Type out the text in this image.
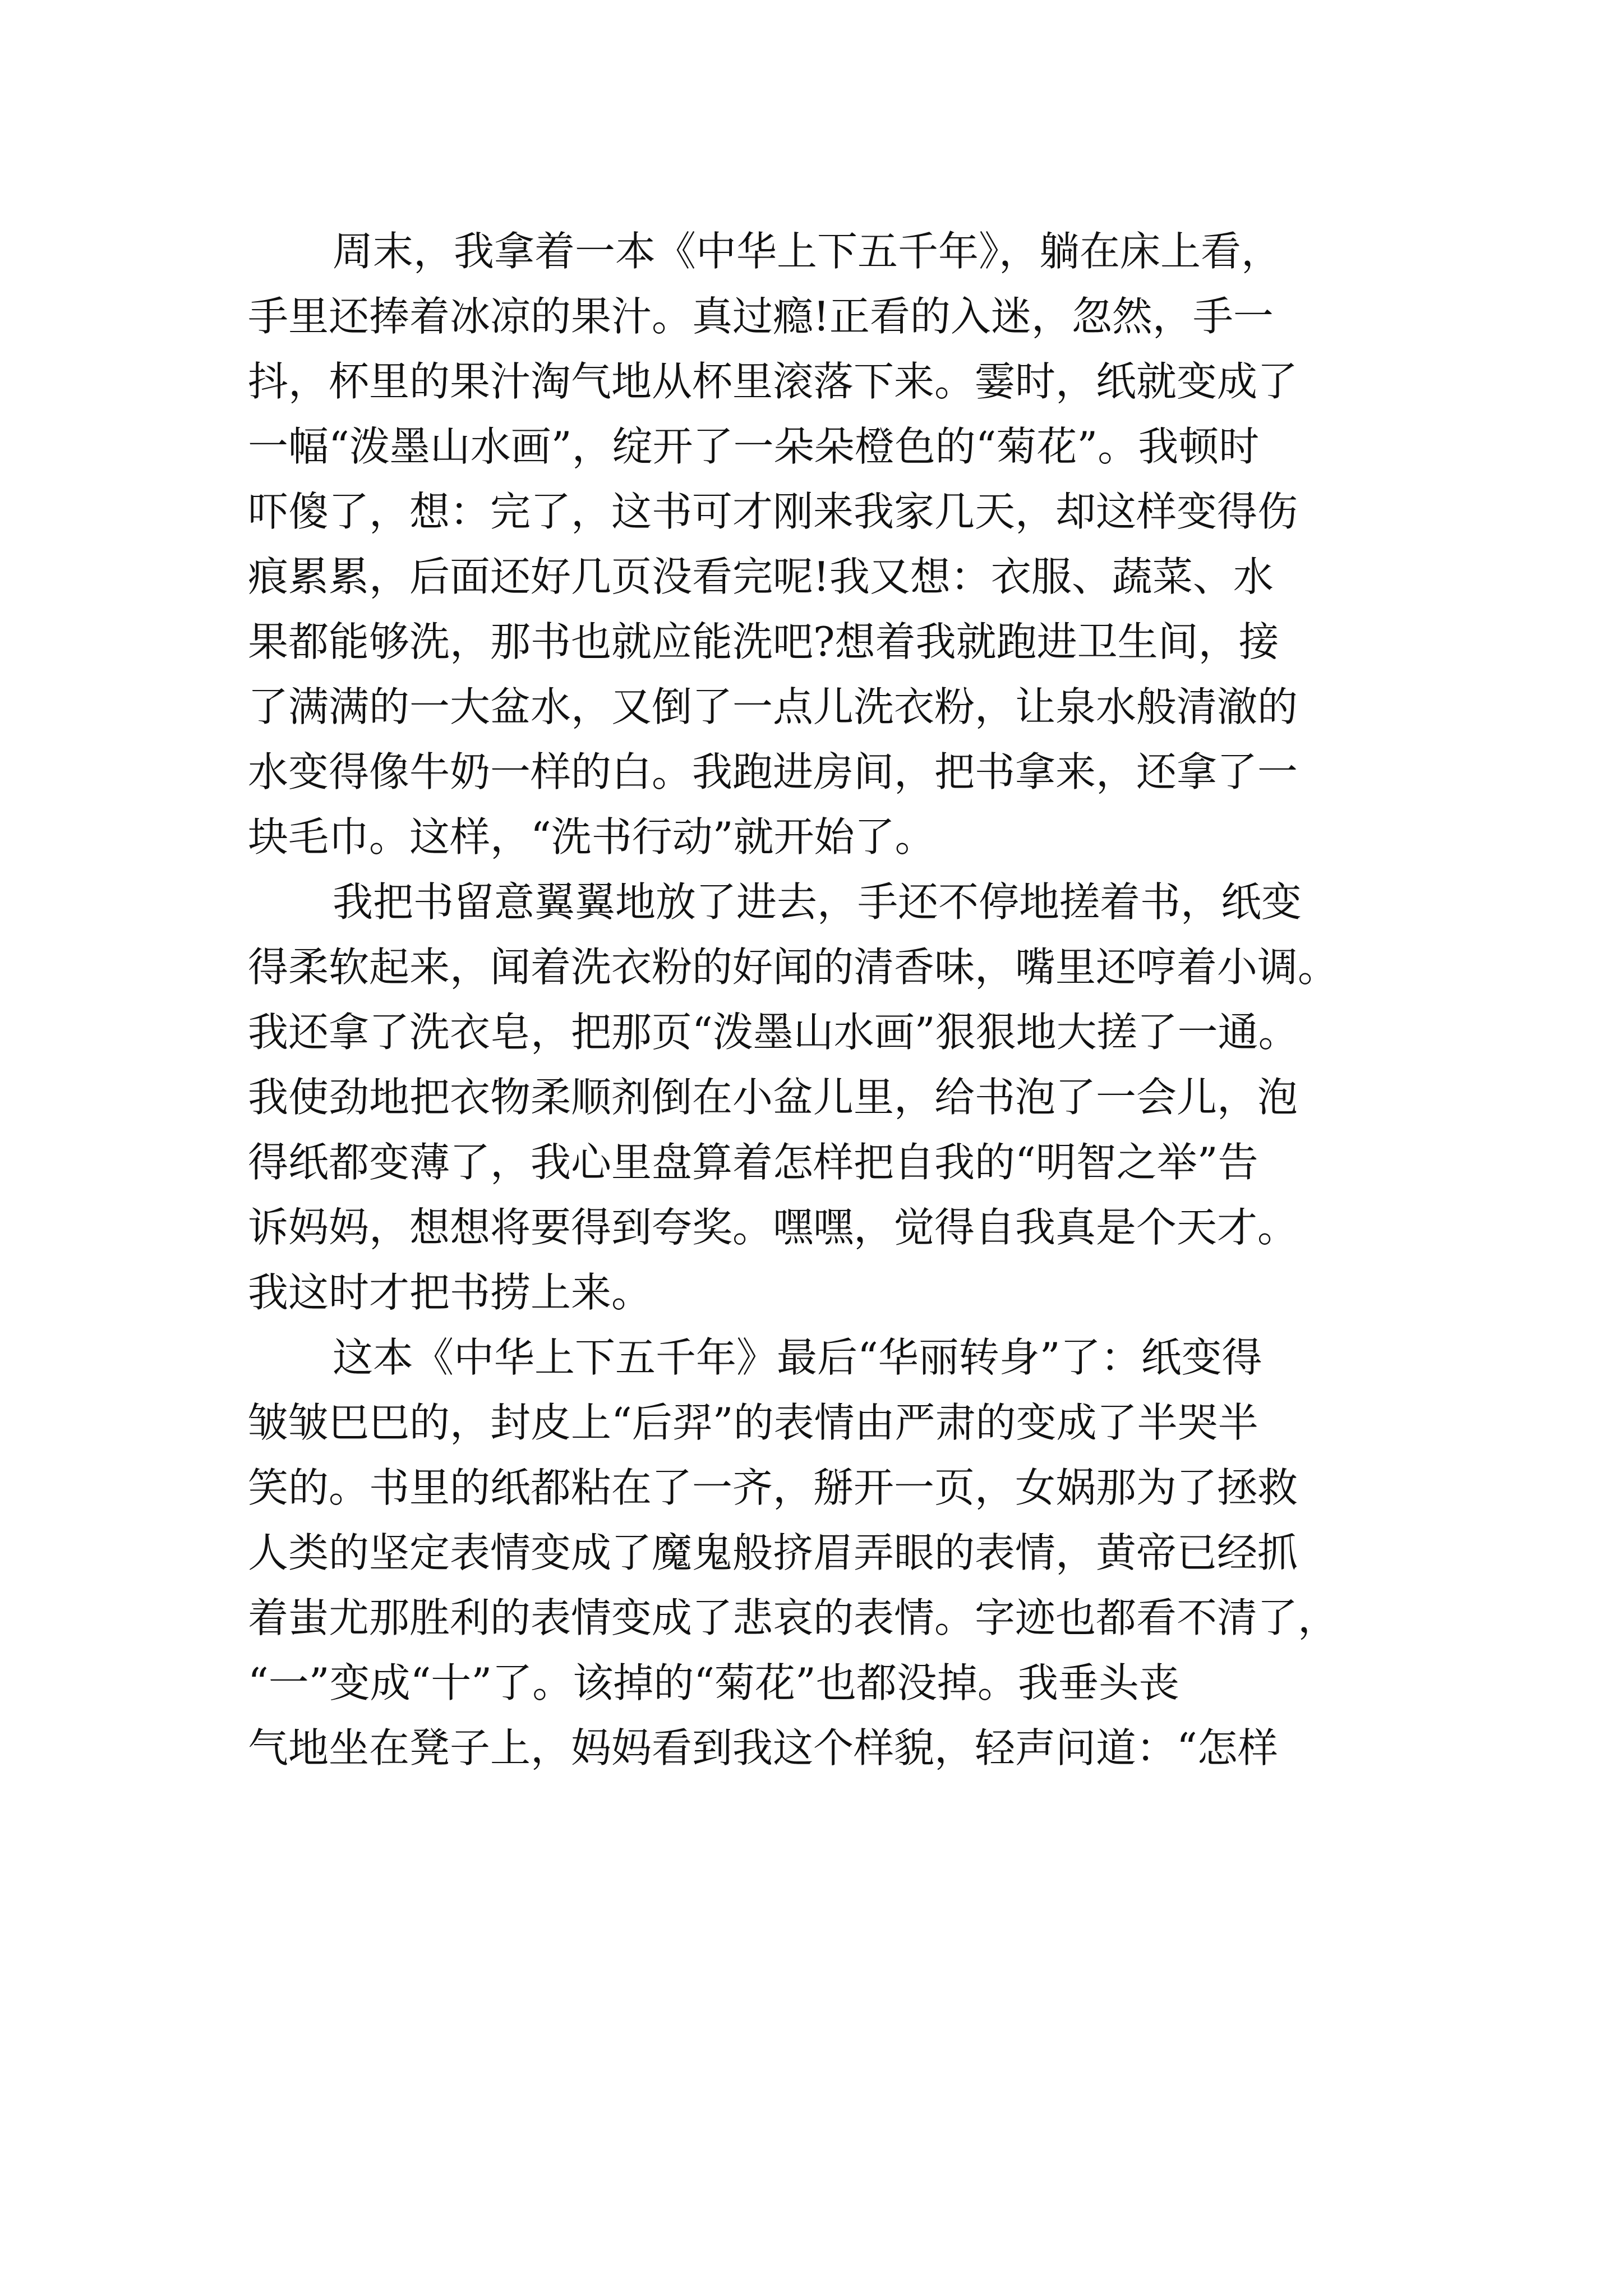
周末，我拿着一本《中华上下五千年》，躺在床上看，

手里还捧着冰凉的果汁。真过瘾!正看的入迷，忽然，手一

抖，杯里的果汁淘气地从杯里滚落下来。霎时，纸就变成了

一幅“泼墨山水画”，绽开了一朵朵橙色的“菊花”。我顿时

吓傻了，想：完了，这书可才刚来我家几天，却这样变得伤

痕累累，后面还好几页没看完呢!我又想：衣服、蔬菜、水

果都能够洗，那书也就应能洗吧?想着我就跑进卫生间，接

了满满的一大盆水，又倒了一点儿洗衣粉，让泉水般清澈的

水变得像牛奶一样的白。我跑进房间，把书拿来，还拿了一

块毛巾。这样，“洗书行动”就开始了。

我把书留意翼翼地放了进去，手还不停地搓着书，纸变

得柔软起来，闻着洗衣粉的好闻的清香味，嘴里还哼着小调。

我还拿了洗衣皂，把那页“泼墨山水画”狠狠地大搓了一通。

我使劲地把衣物柔顺剂倒在小盆儿里，给书泡了一会儿，泡

得纸都变薄了，我心里盘算着怎样把自我的“明智之举”告

诉妈妈，想想将要得到夸奖。嘿嘿，觉得自我真是个天才。

我这时才把书捞上来。

这本《中华上下五千年》最后“华丽转身”了：纸变得

皱皱巴巴的，封皮上“后羿”的表情由严肃的变成了半哭半

笑的。书里的纸都粘在了一齐，掰开一页，女娲那为了拯救

人类的坚定表情变成了魔鬼般挤眉弄眼的表情，黄帝已经抓

着蚩尤那胜利的表情变成了悲哀的表情。字迹也都看不清了，

“一”变成“十”了。该掉的“菊花”也都没掉。我垂头丧

气地坐在凳子上，妈妈看到我这个样貌，轻声问道：“怎样
